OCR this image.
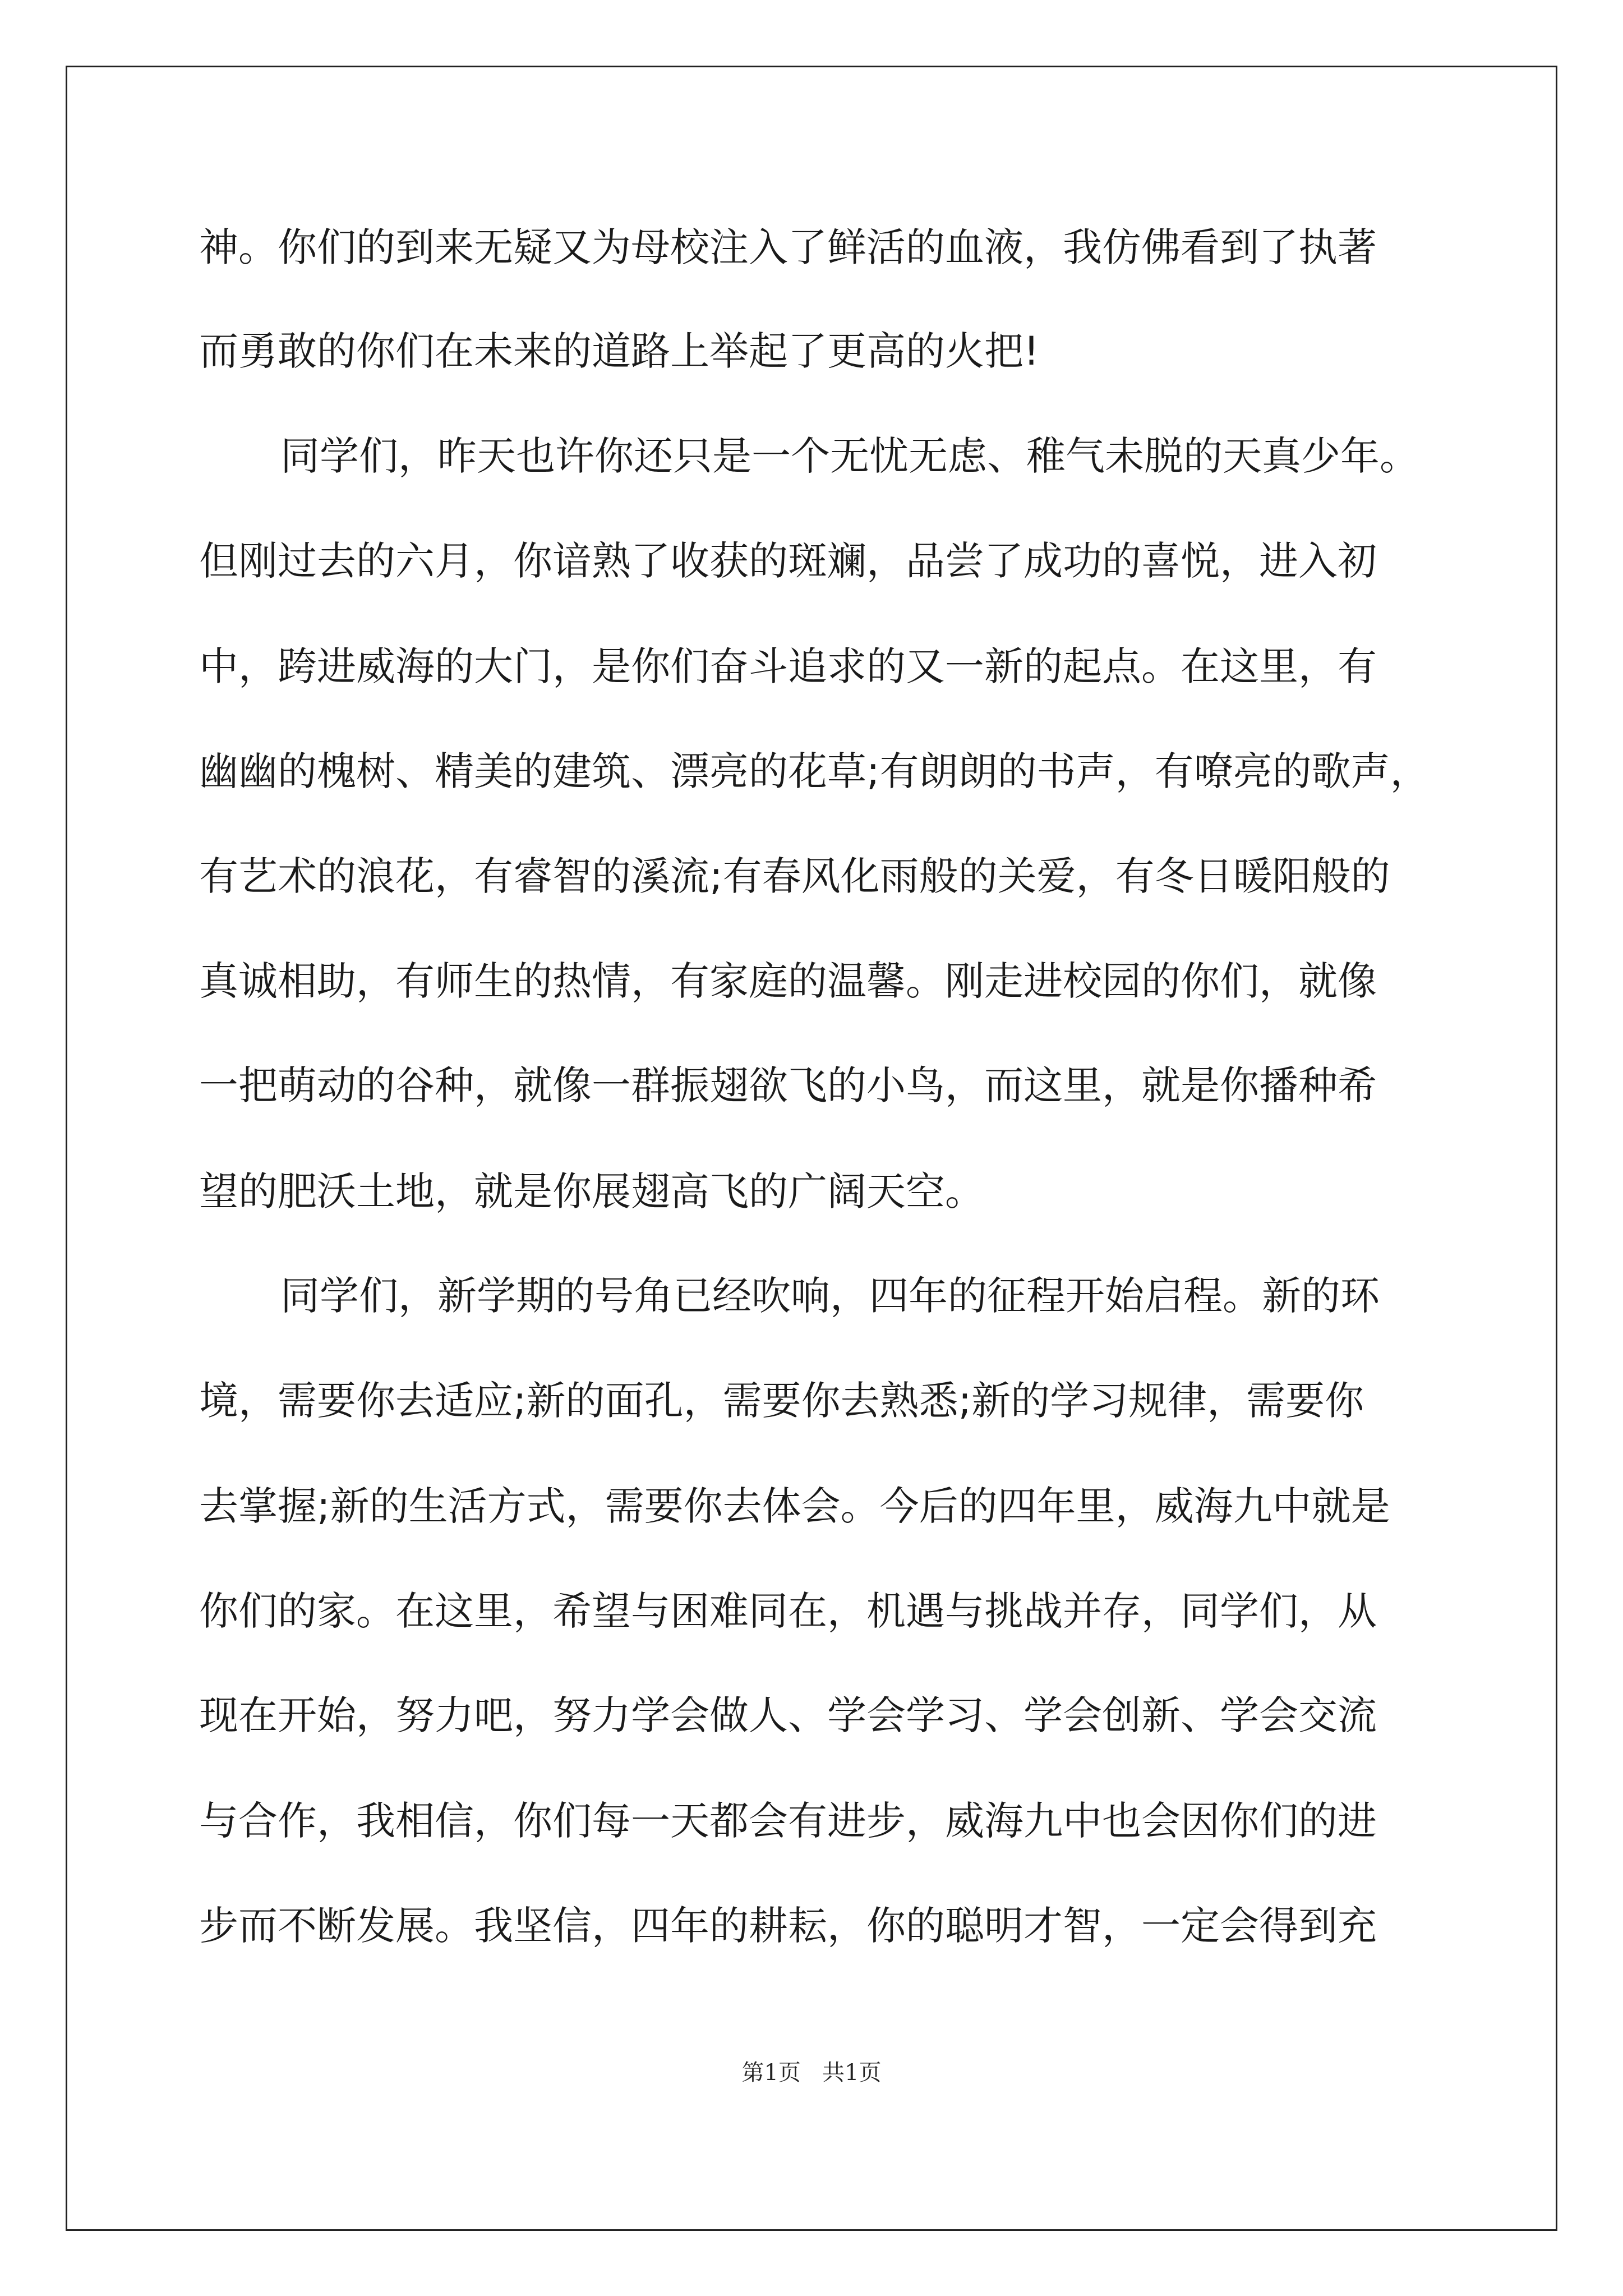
神。你们的到来无疑又为母校注入了鲜活的血液，我仿佛看到了执著
而勇敢的你们在未来的道路上举起了更高的火把!
同学们，昨天也许你还只是一个无忧无虑、稚气未脱的天真少年。
但刚过去的六月，你谙熟了收获的斑斓，品尝了成功的喜悦，进入初
中，跨进威海的大门，是你们奋斗追求的又一新的起点。在这里，有
幽幽的槐树、精美的建筑、漂亮的花草;有朗朗的书声，有嘹亮的歌声，
有艺术的浪花，有睿智的溪流;有春风化雨般的关爱，有冬日暖阳般的
真诚相助，有师生的热情，有家庭的温馨。刚走进校园的你们，就像
一把萌动的谷种，就像一群振翅欲飞的小鸟，而这里，就是你播种希
望的肥沃土地，就是你展翅高飞的广阔天空。
同学们，新学期的号角已经吹响，四年的征程开始启程。新的环
境，需要你去适应;新的面孔，需要你去熟悉;新的学习规律，需要你
去掌握;新的生活方式，需要你去体会。今后的四年里，威海九中就是
你们的家。在这里，希望与困难同在，机遇与挑战并存，同学们，从
现在开始，努力吧，努力学会做人、学会学习、学会创新、学会交流
与合作，我相信，你们每一天都会有进步，威海九中也会因你们的进
步而不断发展。我坚信，四年的耕耘，你的聪明才智，一定会得到充
第1页   共1页
